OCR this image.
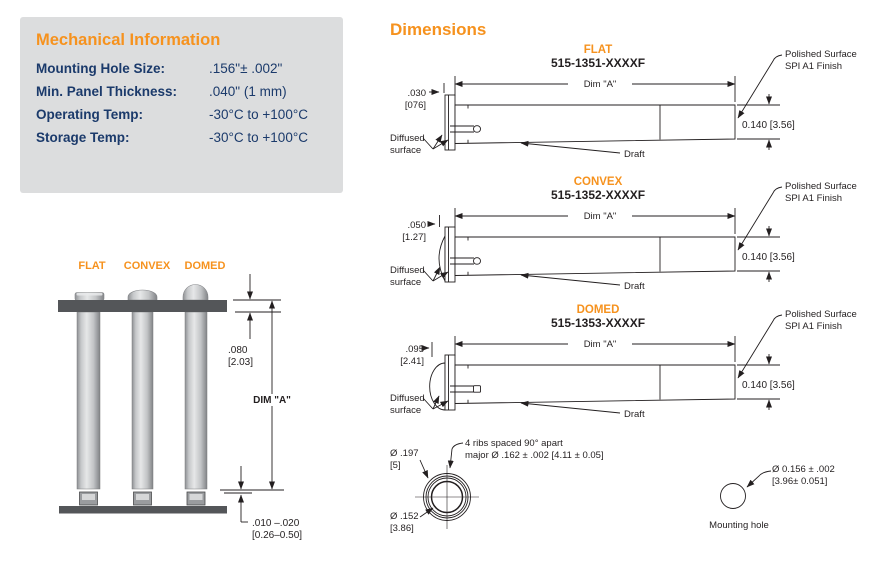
Mechanical Information
Mounting Hole Size:	.156"± .002"
Min. Panel Thickness:	.040" (1 mm)
Operating Temp:	-30°C to +100°C
Storage Temp:	-30°C to +100°C
Dimensions
FLAT
515-1351-XXXXF
Dim "A"
0.140 [3.56]
Polished Surface
SPI A1 Finish
.030
[076]
Diffused
surface	Draft
CONVEX
515-1352-XXXXF
Dim "A"
0.140 [3.56]
Polished Surface
SPI A1 Finish
.050
[1.27]
Diffused
surface	Draft
DOMED
515-1353-XXXXF
Dim "A"
0.140 [3.56]
Polished Surface
SPI A1 Finish
.095
[2.41]
Diffused
surface	Draft
FLAT CONVEX DOMED
.080
[2.03]
DIM "A"
.010 –.020
[0.26–0.50]
4 ribs spaced 90° apart
major Ø .162 ± .002 [4.11 ± 0.05]
Ø .197
[5]
Ø .152
[3.86]
Ø 0.156 ± .002
[3.96± 0.051]
Mounting hole
